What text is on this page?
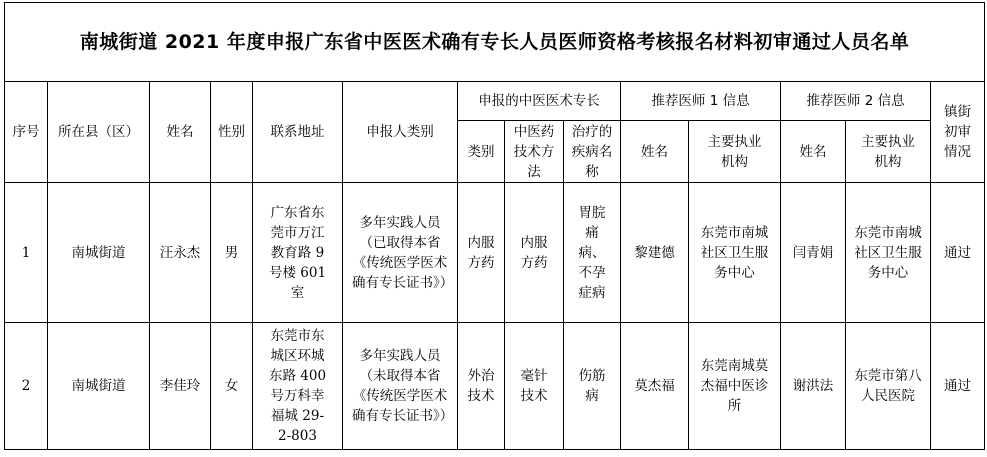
南城街道 2021 年度申报广东省中医医术确有专长人员医师资格考核报名材料初审通过人员名单													
序号	所在县（区）	姓名	性别	联系地址	申报人类别	申报的中医医术专长			推荐医师 1 信息		推荐医师 2 信息		镇街初审情况

						类别	中医药技术方法	治疗的疾病名称	姓名	主要执业机构	姓名	主要执业机构	

1	南城街道	汪永杰	男	广东省东莞市万江教育路 9 号楼 601 室	多年实践人员（已取得本省《传统医学医术确有专长证书》）	内服方药	内服方药	胃脘痛病、不孕症病	黎建德	东莞市南城社区卫生服务中心	闫青娟	东莞市南城社区卫生服务中心	通过
2	南城街道	李佳玲	女	东莞市东城区环城东路 400 号万科幸福城 29-2-803	多年实践人员（未取得本省《传统医学医术确有专长证书》）	外治技术	毫针技术	伤筋病	莫杰福	东莞南城莫杰福中医诊所	谢洪法	东莞市第八人民医院	通过
